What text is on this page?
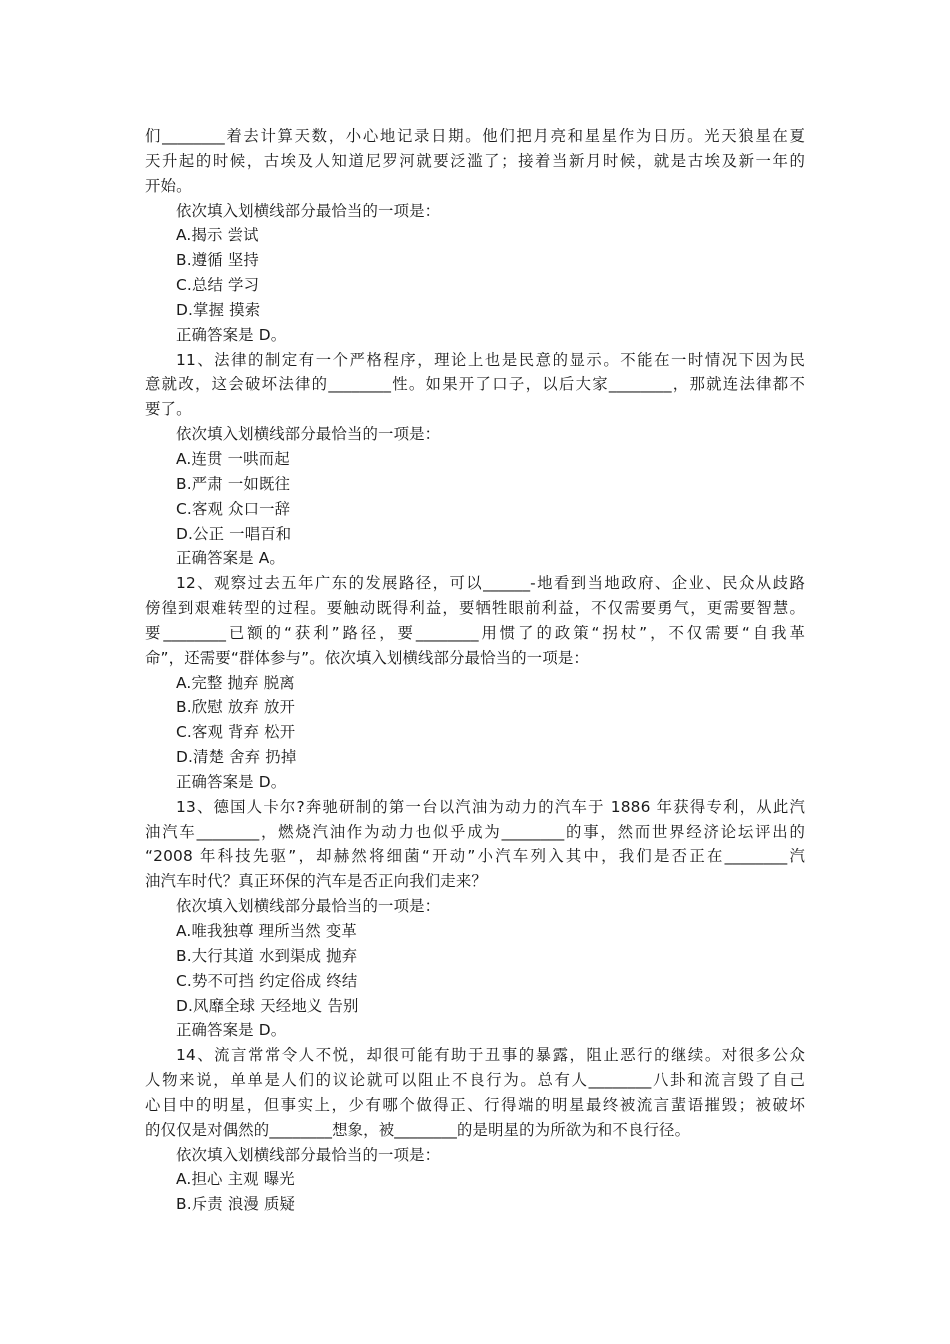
们________着去计算天数，小心地记录日期。他们把月亮和星星作为日历。光天狼星在夏
天升起的时候，古埃及人知道尼罗河就要泛滥了；接着当新月时候，就是古埃及新一年的
开始。
依次填入划横线部分最恰当的一项是：
A.揭示 尝试
B.遵循 坚持
C.总结 学习
D.掌握 摸索
正确答案是 D。
11、法律的制定有一个严格程序，理论上也是民意的显示。不能在一时情况下因为民
意就改，这会破坏法律的________性。如果开了口子，以后大家________，那就连法律都不
要了。
依次填入划横线部分最恰当的一项是：
A.连贯 一哄而起
B.严肃 一如既往
C.客观 众口一辞
D.公正 一唱百和
正确答案是 A。
12、观察过去五年广东的发展路径，可以______-地看到当地政府、企业、民众从歧路
傍徨到艰难转型的过程。要触动既得利益，要牺牲眼前利益，不仅需要勇气，更需要智慧。
要________已额的“获利”路径，要________用惯了的政策“拐杖”，不仅需要“自我革
命”，还需要“群体参与”。依次填入划横线部分最恰当的一项是：
A.完整 抛弃 脱离
B.欣慰 放弃 放开
C.客观 背弃 松开
D.清楚 舍弃 扔掉
正确答案是 D。
13、德国人卡尔?奔驰研制的第一台以汽油为动力的汽车于 1886 年获得专利，从此汽
油汽车________，燃烧汽油作为动力也似乎成为________的事，然而世界经济论坛评出的
“2008 年科技先驱”，却赫然将细菌“开动”小汽车列入其中，我们是否正在________汽
油汽车时代？真正环保的汽车是否正向我们走来？
依次填入划横线部分最恰当的一项是：
A.唯我独尊 理所当然 变革
B.大行其道 水到渠成 抛弃
C.势不可挡 约定俗成 终结
D.风靡全球 天经地义 告别
正确答案是 D。
14、流言常常令人不悦，却很可能有助于丑事的暴露，阻止恶行的继续。对很多公众
人物来说，单单是人们的议论就可以阻止不良行为。总有人________八卦和流言毁了自己
心目中的明星，但事实上，少有哪个做得正、行得端的明星最终被流言蜚语摧毁；被破坏
的仅仅是对偶然的________想象，被________的是明星的为所欲为和不良行径。
依次填入划横线部分最恰当的一项是：
A.担心 主观 曝光
B.斥责 浪漫 质疑
